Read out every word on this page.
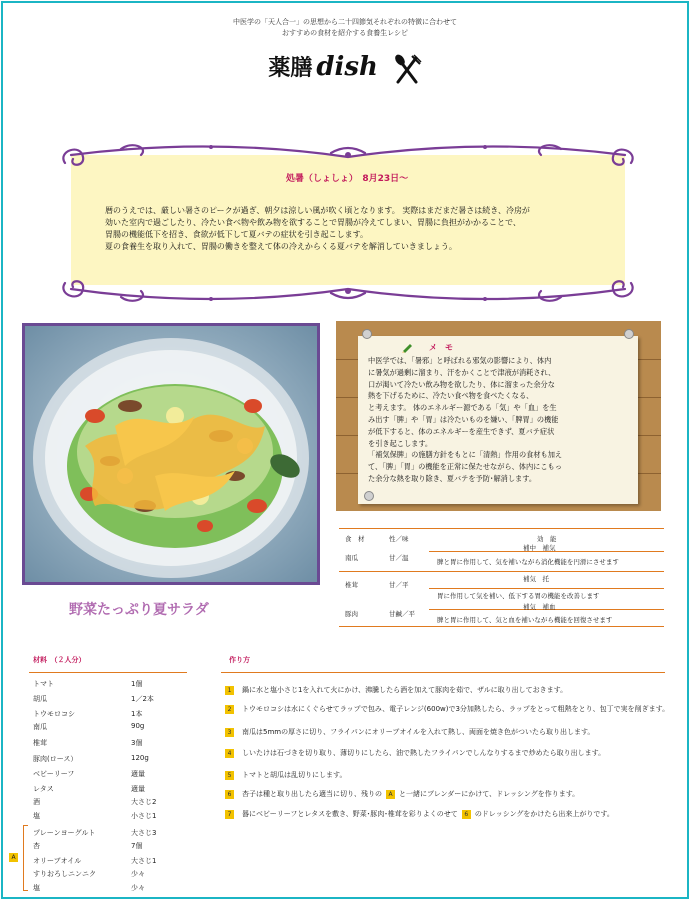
中医学の「天人合一」の思想から二十四節気それぞれの特徴に合わせて
おすすめの食材を紹介する食養生レシピ
薬膳 dish
処暑（しょしょ）　8月23日～

暦のうえでは、厳しい暑さのピークが過ぎ、朝夕は涼しい風が吹く頃となります。 実際はまだまだ暑さは続き、冷房が

効いた室内で過ごしたり、冷たい食べ物や飲み物を欲することで胃腸が冷えてしまい、胃腸に負担がかかることで、

胃腸の機能低下を招き、食欲が低下して夏バテの症状を引き起こします。

夏の食養生を取り入れて、胃腸の働きを整えて体の冷えからくる夏バテを解消していきましょう。

野菜たっぷり夏サラダ
メ　モ

中医学では、「暑邪」と呼ばれる邪気の影響により、体内

に暑気が過剰に溜まり、汗をかくことで津液が消耗され、

口が渇いて冷たい飲み物を欲したり、体に溜まった余分な

熱を下げるために、冷たい食べ物を食べたくなる、

と考えます。 体のエネルギー源である「気」や「血」を生

み出す「脾」や「胃」は冷たいものを嫌い、「脾胃」の機能

が低下すると、体のエネルギーを産生できず、夏バテ症状

を引き起こします。

「補気保脾」の施膳方針をもとに「清熱」作用の食材も加え

て、「脾」「胃」の機能を正常に保たせながら、体内にこもっ

た余分な熱を取り除き、夏バテを予防･解消します。

食　材	性／味	効　能
南瓜	甘／温
補中　補気
脾と胃に作用して、気を補いながら消化機能を円滑にさせます
椎茸	甘／平
補気　托
胃に作用して気を補い、低下する胃の機能を改善します
豚肉	甘鹹／平
補気　補血
脾と胃に作用して、気と血を補いながら機能を回復させます
材料　（２人分）
トマト	1個
胡瓜	1／2本
トウモロコシ	1本
南瓜	90g
椎茸	3個
豚肉(ロース）	120g
ベビーリーフ	適量
レタス	適量
酒	大さじ2
塩	小さじ1
プレーンヨーグルト	大さじ3
杏	7個
オリーブオイル	大さじ1
すりおろしニンニク	少々
塩	少々
A
作り方
1 鍋に水と塩小さじ1を入れて火にかけ、沸騰したら酒を加えて豚肉を茹で、ザルに取り出しておきます。
2 トウモロコシは水にくぐらせてラップで包み、電子レンジ(600w)で3分加熱したら、ラップをとって粗熱をとり、包丁で実を削ぎます。
3 南瓜は5mmの厚さに切り、フライパンにオリーブオイルを入れて熱し、両面を焼き色がついたら取り出します。
4 しいたけは石づきを切り取り、薄切りにしたら、油で熱したフライパンでしんなりするまで炒めたら取り出します。
5 トマトと胡瓜は乱切りにします。
6 杏子は種と取り出したら適当に切り、残りの A と一緒にブレンダーにかけて、ドレッシングを作ります。
7 器にベビーリーフとレタスを敷き、野菜･豚肉･椎茸を彩りよくのせて 6 のドレッシングをかけたら出来上がりです。
